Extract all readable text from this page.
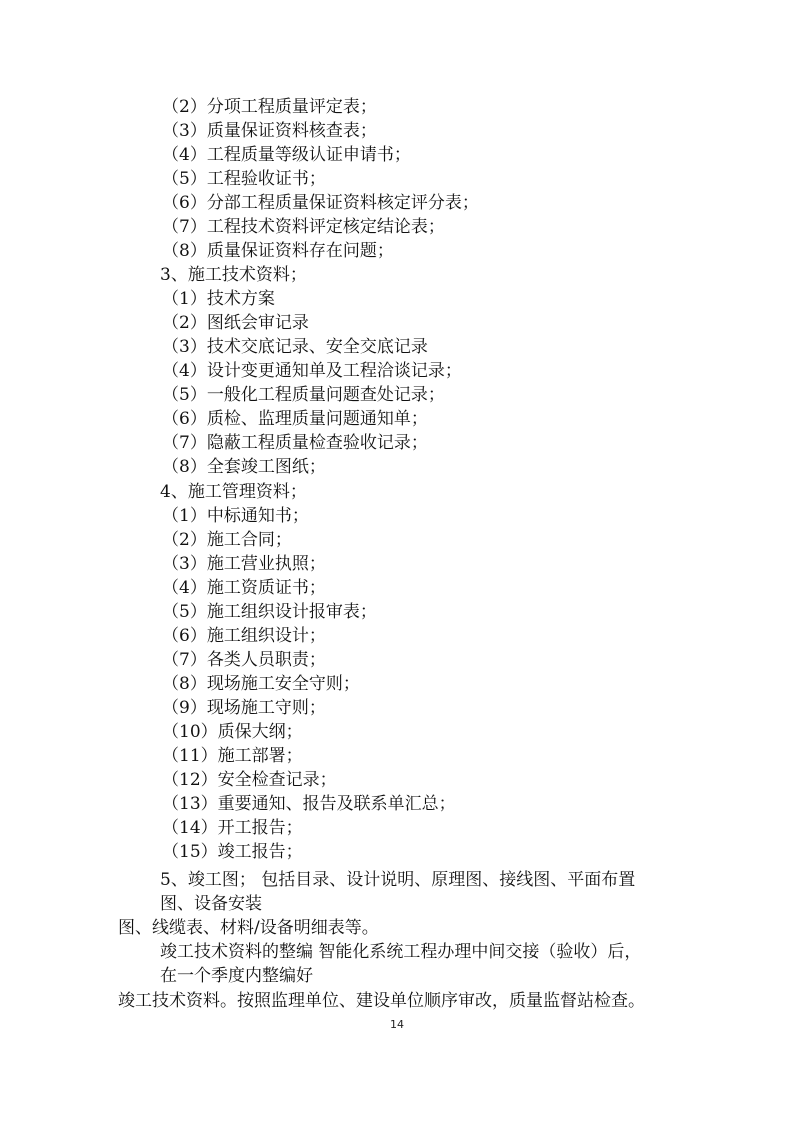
（2）分项工程质量评定表；
（3）质量保证资料核查表；
（4）工程质量等级认证申请书；
（5）工程验收证书；
（6）分部工程质量保证资料核定评分表；
（7）工程技术资料评定核定结论表；
（8）质量保证资料存在问题；
3、施工技术资料；
（1）技术方案
（2）图纸会审记录
（3）技术交底记录、安全交底记录
（4）设计变更通知单及工程洽谈记录；
（5）一般化工程质量问题查处记录；
（6）质检、监理质量问题通知单；
（7）隐蔽工程质量检查验收记录；
（8）全套竣工图纸；
4、施工管理资料；
（1）中标通知书；
（2）施工合同；
（3）施工营业执照；
（4）施工资质证书；
（5）施工组织设计报审表；
（6）施工组织设计；
（7）各类人员职责；
（8）现场施工安全守则；
（9）现场施工守则；
（10）质保大纲；
（11）施工部署；
（12）安全检查记录；
（13）重要通知、报告及联系单汇总；
（14）开工报告；
（15）竣工报告；
5、竣工图； 包括目录、设计说明、原理图、接线图、平面布置
图、设备安装
图、线缆表、材料/设备明细表等。
竣工技术资料的整编 智能化系统工程办理中间交接（验收）后，
在一个季度内整编好
竣工技术资料。按照监理单位、建设单位顺序审改，质量监督站检查。
14
